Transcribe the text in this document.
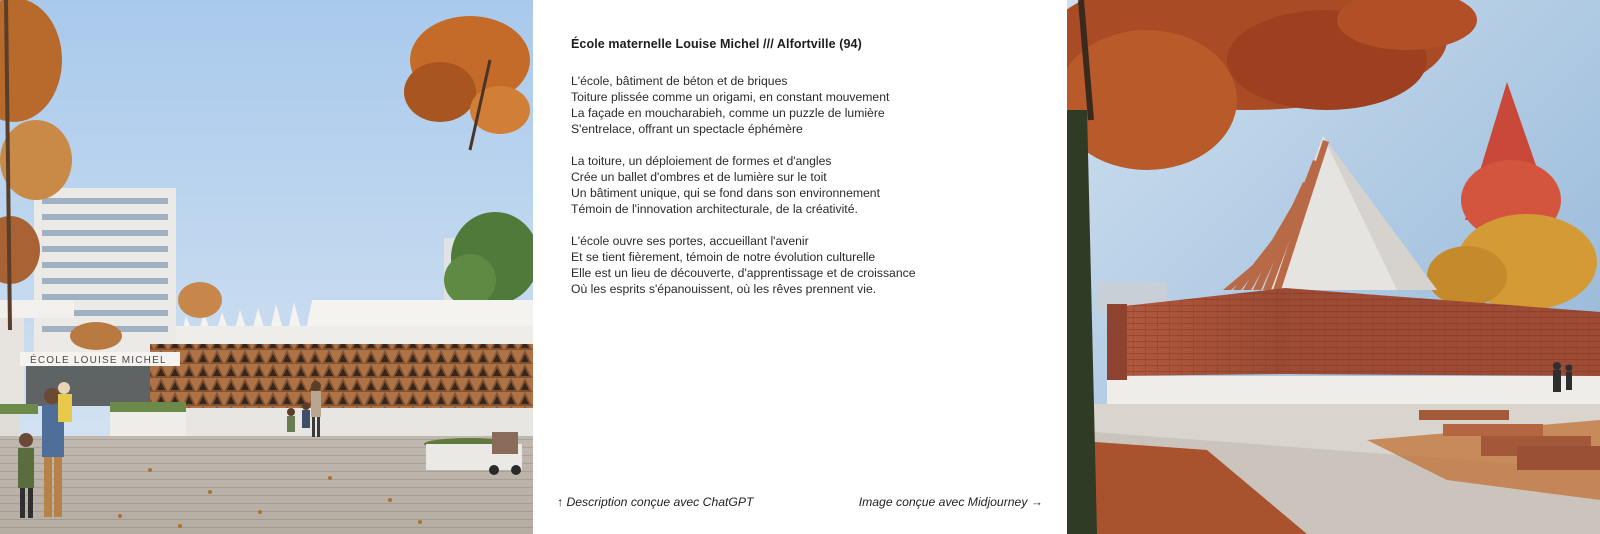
ÉCOLE LOUISE MICHEL
École maternelle Louise Michel /// Alfortville (94)
L'école, bâtiment de béton et de briques
Toiture plissée comme un origami, en constant mouvement
La façade en moucharabieh, comme un puzzle de lumière
S'entrelace, offrant un spectacle éphémère
La toiture, un déploiement de formes et d'angles
Crée un ballet d'ombres et de lumière sur le toit
Un bâtiment unique, qui se fond dans son environnement
Témoin de l'innovation architecturale, de la créativité.
L'école ouvre ses portes, accueillant l'avenir
Et se tient fièrement, témoin de notre évolution culturelle
Elle est un lieu de découverte, d'apprentissage et de croissance
Où les esprits s'épanouissent, où les rêves prennent vie.
↑ Description conçue avec ChatGPT	Image conçue avec Midjourney →
